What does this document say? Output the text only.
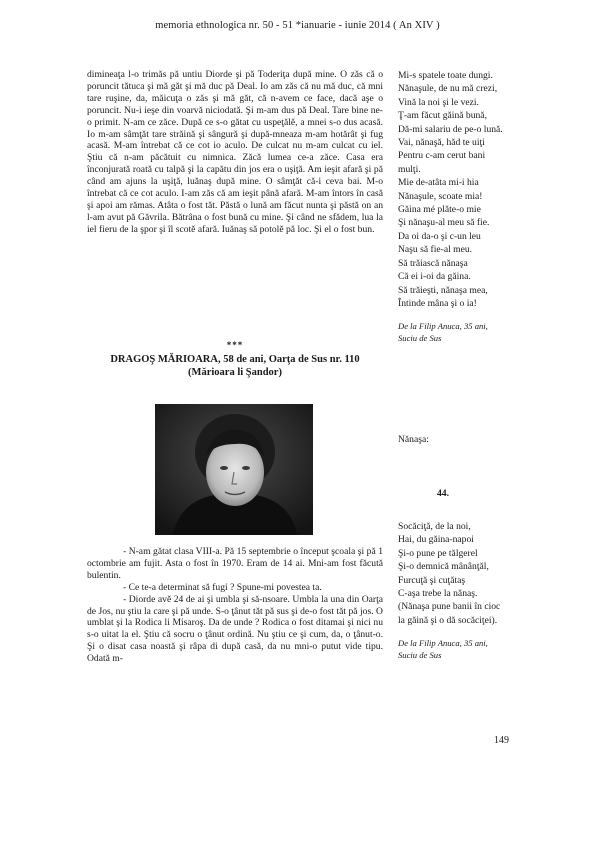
memoria ethnologica nr. 50 - 51 *ianuarie - iunie 2014 ( An XIV )

dimineaţa l-o trimăs pă untiu Diorde şi pă Toderiţa după mine. O zăs că o poruncit tătuca şi mă găt şi mă duc pă Deal. Io am zăs că nu mă duc, că mni tare ruşine, da, măicuţa o zăs şi mă găt, că n-avem ce face, dacă aşe o poruncit. Nu-i ieşe din voarvă niciodată. Şi m-am dus pă Deal. Tare bine ne-o primit. N-am ce zăce. După ce s-o gătat cu uspeţălĕ, a mnei s-o dus acasă. Io m-am sâmţăt tare străină şi sângură şi după-mneaza m-am hotărât şi fug acasă. M-am întrebat că ce cot io aculo. De culcat nu m-am culcat cu iel. Ştiu că n-am păcătuit cu nimnica. Zăcă lumea ce-a zăce. Casa era înconjurată roată cu talpă şi la capătu din jos era o uşiţă. Am ieşit afară şi pă când am ajuns la uşiţă, luănaş după mine. O sâmţăt că-i ceva bai. M-o întrebat că ce cot aculo. I-am zăs că am ieşit până afară. M-am întors în casă şi apoi am rămas. Atâta o fost tăt. Păstă o lună am făcut nunta şi păstă on an l-am avut pă Găvrila. Bătrâna o fost bună cu mine. Şi când ne sfădem, lua la iel fieru de la şpor şi îl scotě afară. Iuănaş să potolě pă loc. Şi el o fost bun.

***
DRAGOŞ MĂRIOARA, 58 de ani, Oarţa de Sus nr. 110
(Mărioara li Şandor)

- N-am gătat clasa VIII-a. Pă 15 septembrie o început şcoala şi pă 1 octombrie am fujit. Asta o fost în 1970. Eram de 14 ai. Mni-am fost făcută bulentin.

- Ce te-a determinat să fugi ? Spune-mi povestea ta.

- Diorde avě 24 de ai şi umbla şi să-nsoare. Umbla la una din Oarţa de Jos, nu ştiu la care şi pă unde. S-o ţânut tăt pă sus şi de-o fost tăt pă jos. O umblat şi la Rodica li Misaroş. Da de unde ? Rodica o fost ditamai şi nici nu s-o uitat la el. Ştiu că socru o ţânut ordină. Nu ştiu ce şi cum, da, o ţânut-o. Şi o disat casa noastă şi râpa di după casă, da nu mni-o putut vide tipu. Odată m-

Mi-s spatele toate dungi.
Nănaşule, de nu mă crezi,
Vină la noi şi le vezi.
Ţ-am făcut găină bună,
Dă-mi salariu de pe-o lună.
Vai, nănaşă, hăd te uiţi
Pentru c-am cerut bani
mulţi.
Mie de-atâta mi-i hia
Nănaşule, scoate mia!
Găina mé plăte-o mie
Şi nănaşu-al meu să fie.
Da oi da-o şi c-un leu
Naşu să fie-al meu.
Să trăiască nănaşa
Că ei i-oi da găina.
Să trăieşti, nănaşa mea,
Întinde mâna şi o ia!
De la Filip Anuca, 35 ani,
Suciu de Sus
Nănaşa:
44.
Socăciţă, de la noi,
Hai, du găina-napoi
Şi-o pune pe tălgerel
Şi-o demnică mânânţăl,
Furcuţă şi cuţătaş
C-aşa trebe la nănaş.
(Nănaşa pune banii în cioc
la găină şi o dă socăciţei).
De la Filip Anuca, 35 ani,
Suciu de Sus
149
